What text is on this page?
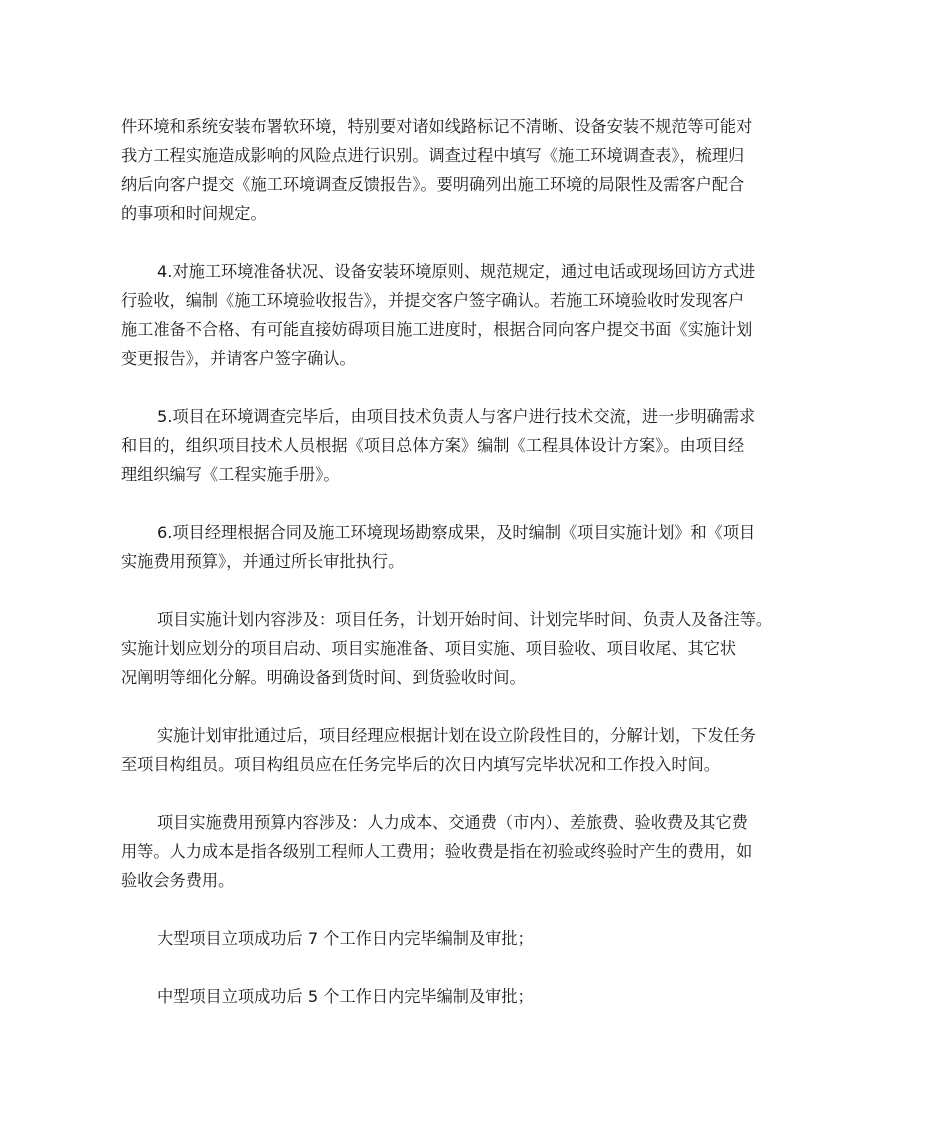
件环境和系统安装布署软环境，特别要对诸如线路标记不清晰、设备安装不规范等可能对
我方工程实施造成影响的风险点进行识别。调查过程中填写《施工环境调查表》，梳理归
纳后向客户提交《施工环境调查反馈报告》。要明确列出施工环境的局限性及需客户配合
的事项和时间规定。

4.对施工环境准备状况、设备安装环境原则、规范规定，通过电话或现场回访方式进
行验收，编制《施工环境验收报告》，并提交客户签字确认。若施工环境验收时发现客户
施工准备不合格、有可能直接妨碍项目施工进度时，根据合同向客户提交书面《实施计划
变更报告》，并请客户签字确认。

5.项目在环境调查完毕后，由项目技术负责人与客户进行技术交流，进一步明确需求
和目的，组织项目技术人员根据《项目总体方案》编制《工程具体设计方案》。由项目经
理组织编写《工程实施手册》。

6.项目经理根据合同及施工环境现场勘察成果，及时编制《项目实施计划》和《项目
实施费用预算》，并通过所长审批执行。

项目实施计划内容涉及：项目任务，计划开始时间、计划完毕时间、负责人及备注等。
实施计划应划分的项目启动、项目实施准备、项目实施、项目验收、项目收尾、其它状
况阐明等细化分解。明确设备到货时间、到货验收时间。

实施计划审批通过后，项目经理应根据计划在设立阶段性目的，分解计划，下发任务
至项目构组员。项目构组员应在任务完毕后的次日内填写完毕状况和工作投入时间。

项目实施费用预算内容涉及：人力成本、交通费（市内）、差旅费、验收费及其它费
用等。人力成本是指各级别工程师人工费用；验收费是指在初验或终验时产生的费用，如
验收会务费用。

大型项目立项成功后 7 个工作日内完毕编制及审批；

中型项目立项成功后 5 个工作日内完毕编制及审批；
